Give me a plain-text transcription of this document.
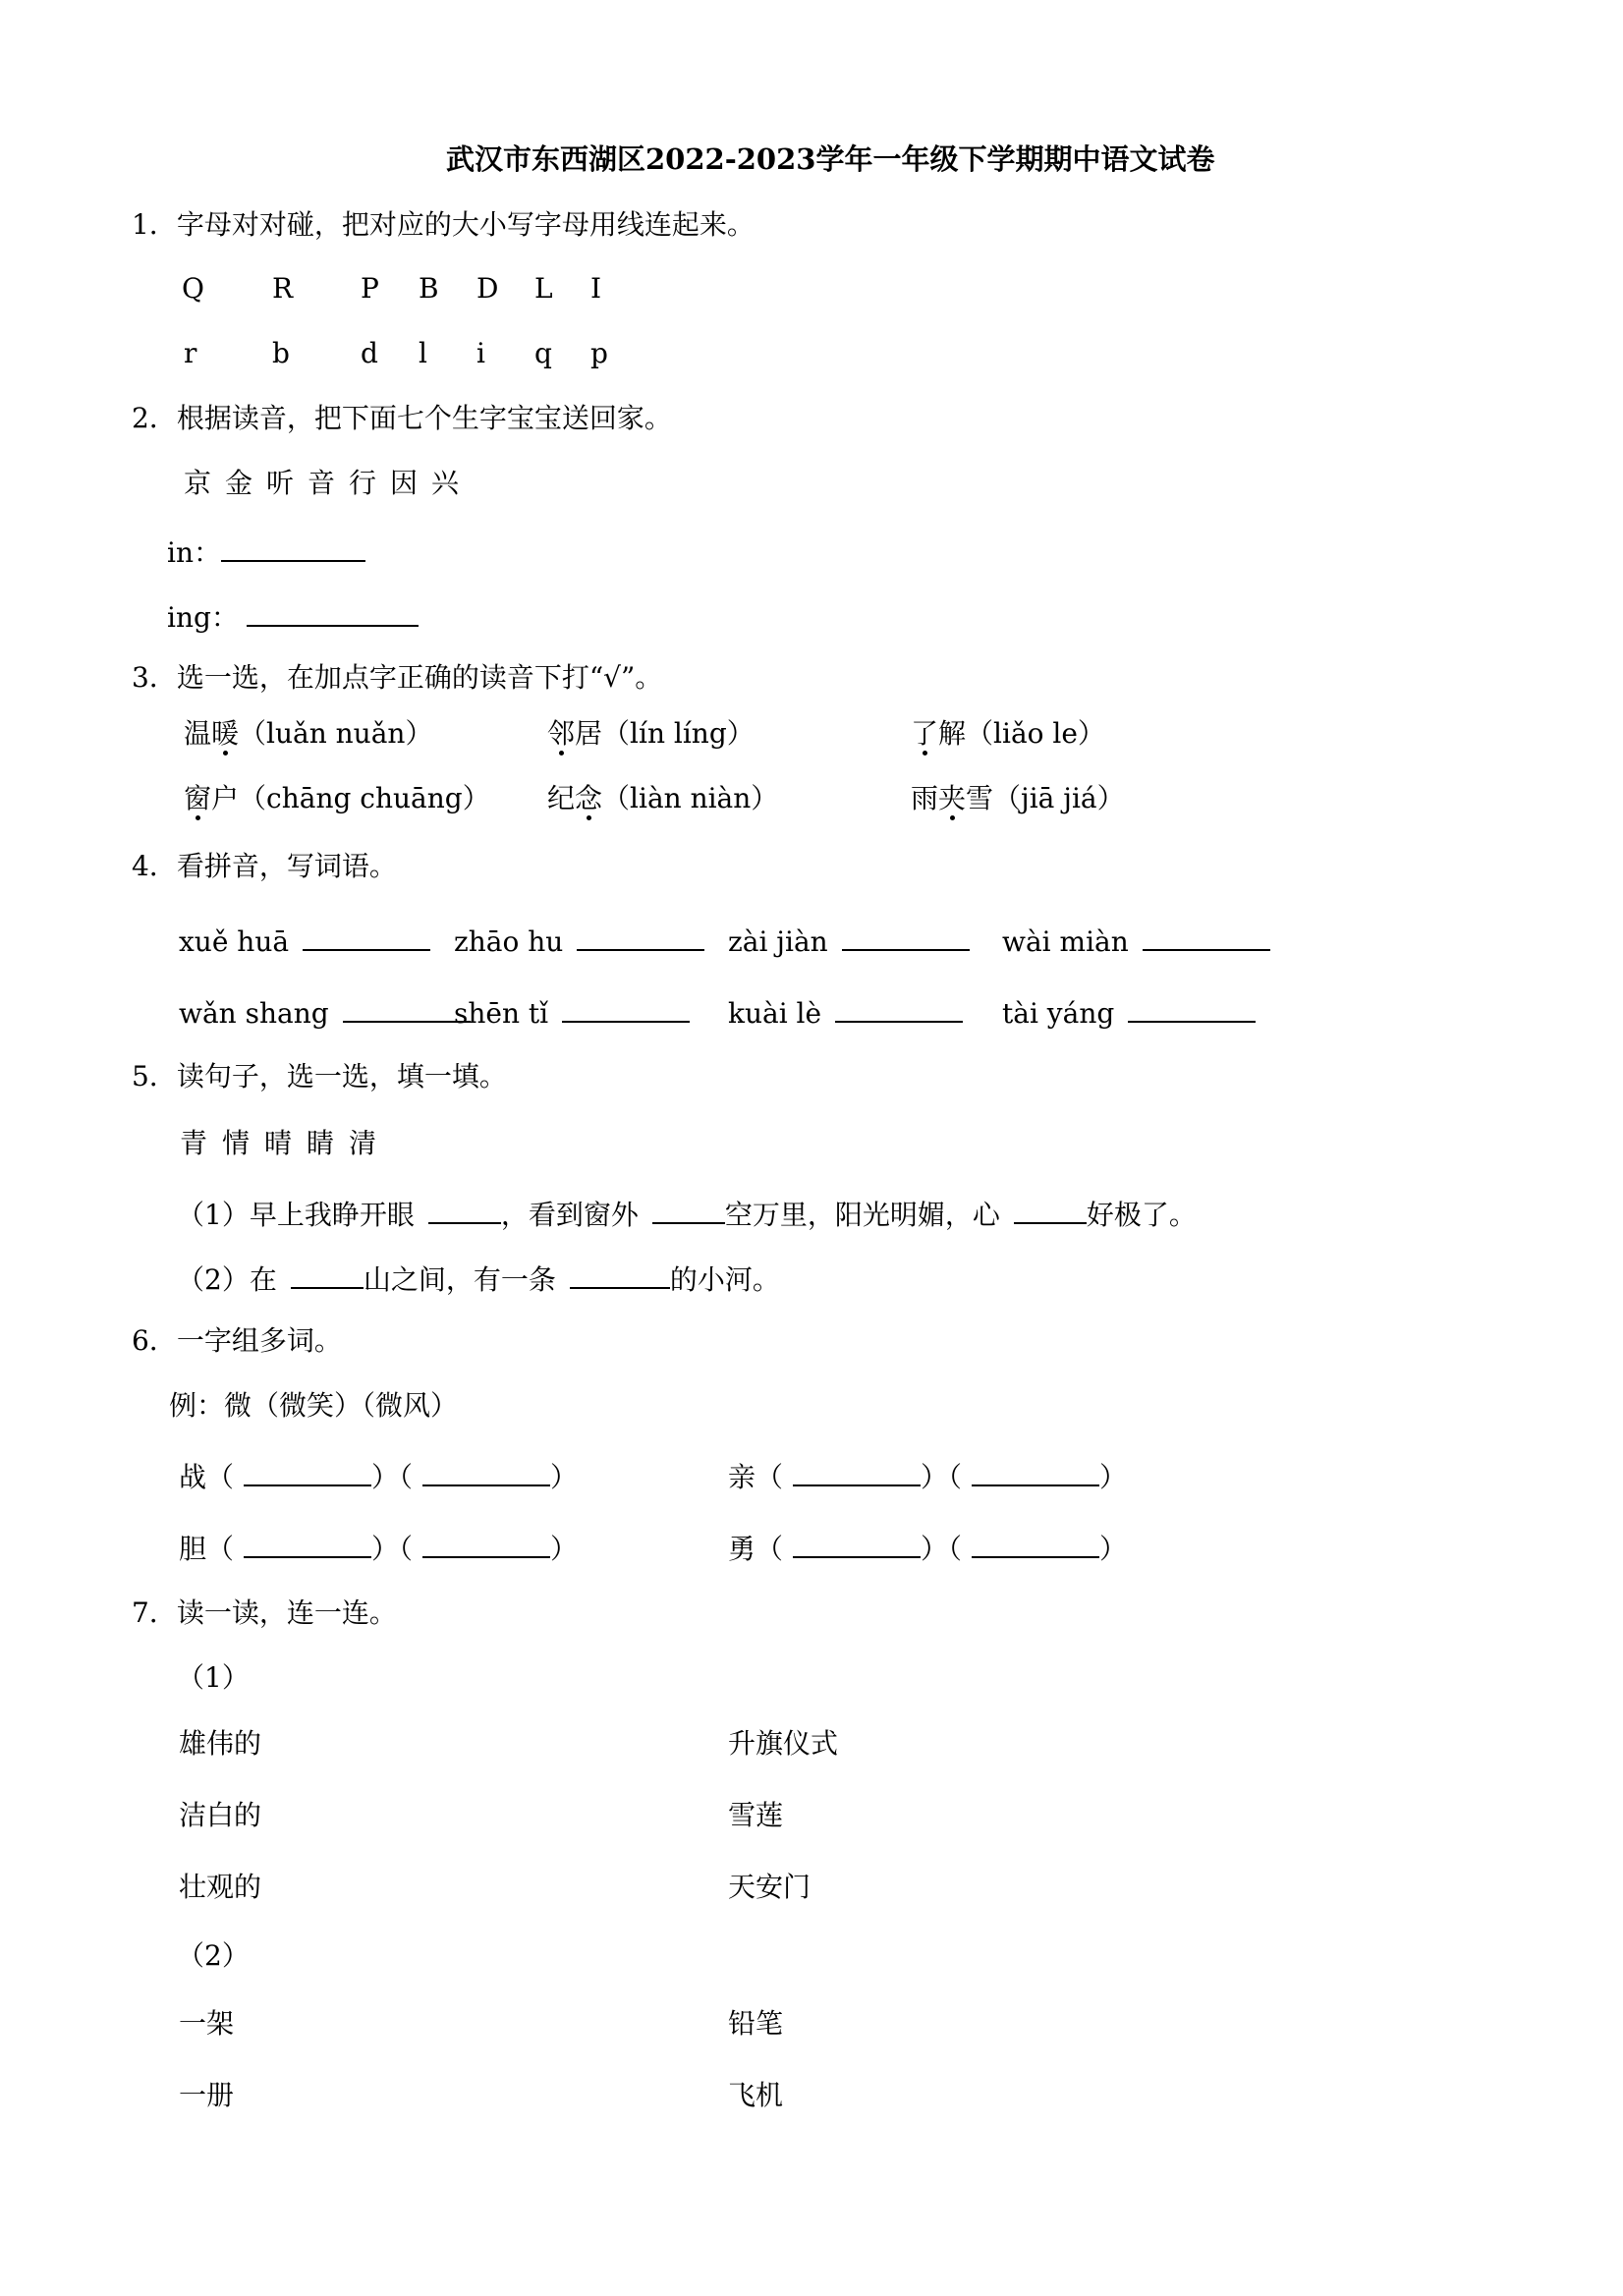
武汉市东西湖区2022-2023学年一年级下学期期中语文试卷
1．字母对对碰，把对应的大小写字母用线连起来。
Q R P B D L I
r	b	d l i q p
2．根据读音，把下面七个生字宝宝送回家。
京 金 听 音 行 因 兴
in：
ing：
3．选一选，在加点字正确的读音下打“√”。
温暖（luǎn nuǎn）	邻居（lín líng）	了解（liǎo le）
窗户（chāng chuāng） 纪念（liàn niàn）	雨夹雪（jiā jiá）
4．看拼音，写词语。
xuě huā	zhāo hu	zài jiàn	wài miàn
wǎn shang	shēn tǐ	kuài lè	tài yáng
5．读句子，选一选，填一填。
青 情 晴 睛 清
（1）早上我睁开眼	，看到窗外	空万里，阳光明媚，心	好极了。
（2）在	山之间，有一条	的小河。
6．一字组多词。
例：微（微笑）（微风）
战（	）（	）	亲（	）（	）
胆（	）（	）	勇（	）（	）
7．读一读，连一连。
（1）
雄伟的	升旗仪式
洁白的	雪莲
壮观的	天安门
（2）
一架	铅笔
一册	飞机
